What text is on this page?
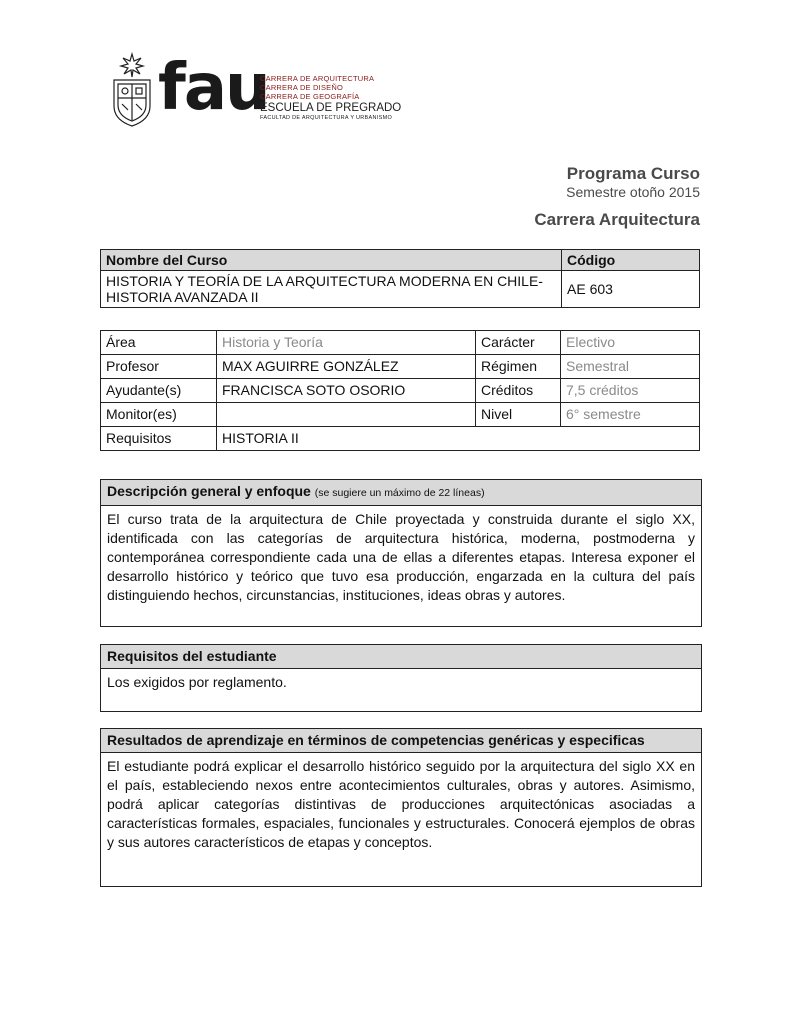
fau
CARRERA DE ARQUITECTURA
CARRERA DE DISEÑO
CARRERA DE GEOGRAFÍA
ESCUELA DE PREGRADO
FACULTAD DE ARQUITECTURA Y URBANISMO
Programa Curso
Semestre otoño 2015
Carrera Arquitectura
Nombre del Curso	Código
HISTORIA Y TEORÍA DE LA ARQUITECTURA MODERNA EN CHILE- HISTORIA AVANZADA II	AE 603
Área	Historia y Teoría	Carácter	Electivo
Profesor	MAX AGUIRRE GONZÁLEZ	Régimen	Semestral
Ayudante(s)	FRANCISCA SOTO OSORIO	Créditos	7,5 créditos
Monitor(es)		Nivel	6° semestre
Requisitos	HISTORIA II		
Descripción general y enfoque (se sugiere un máximo de 22 líneas)
El curso trata de la arquitectura de Chile proyectada y construida durante el siglo XX, identificada con las categorías de arquitectura histórica, moderna, postmoderna y contemporánea correspondiente cada una de ellas a diferentes etapas. Interesa exponer el desarrollo histórico y teórico que tuvo esa producción, engarzada en la cultura del país distinguiendo hechos, circunstancias, instituciones, ideas obras y autores.
Requisitos del estudiante
Los exigidos por reglamento.
Resultados de aprendizaje en términos de competencias genéricas y especificas
El estudiante podrá explicar el desarrollo histórico seguido por la arquitectura del siglo XX en el país, estableciendo nexos entre acontecimientos culturales, obras y autores. Asimismo, podrá aplicar categorías distintivas de producciones arquitectónicas asociadas a características formales, espaciales, funcionales y estructurales. Conocerá ejemplos de obras y sus autores característicos de etapas y conceptos.
